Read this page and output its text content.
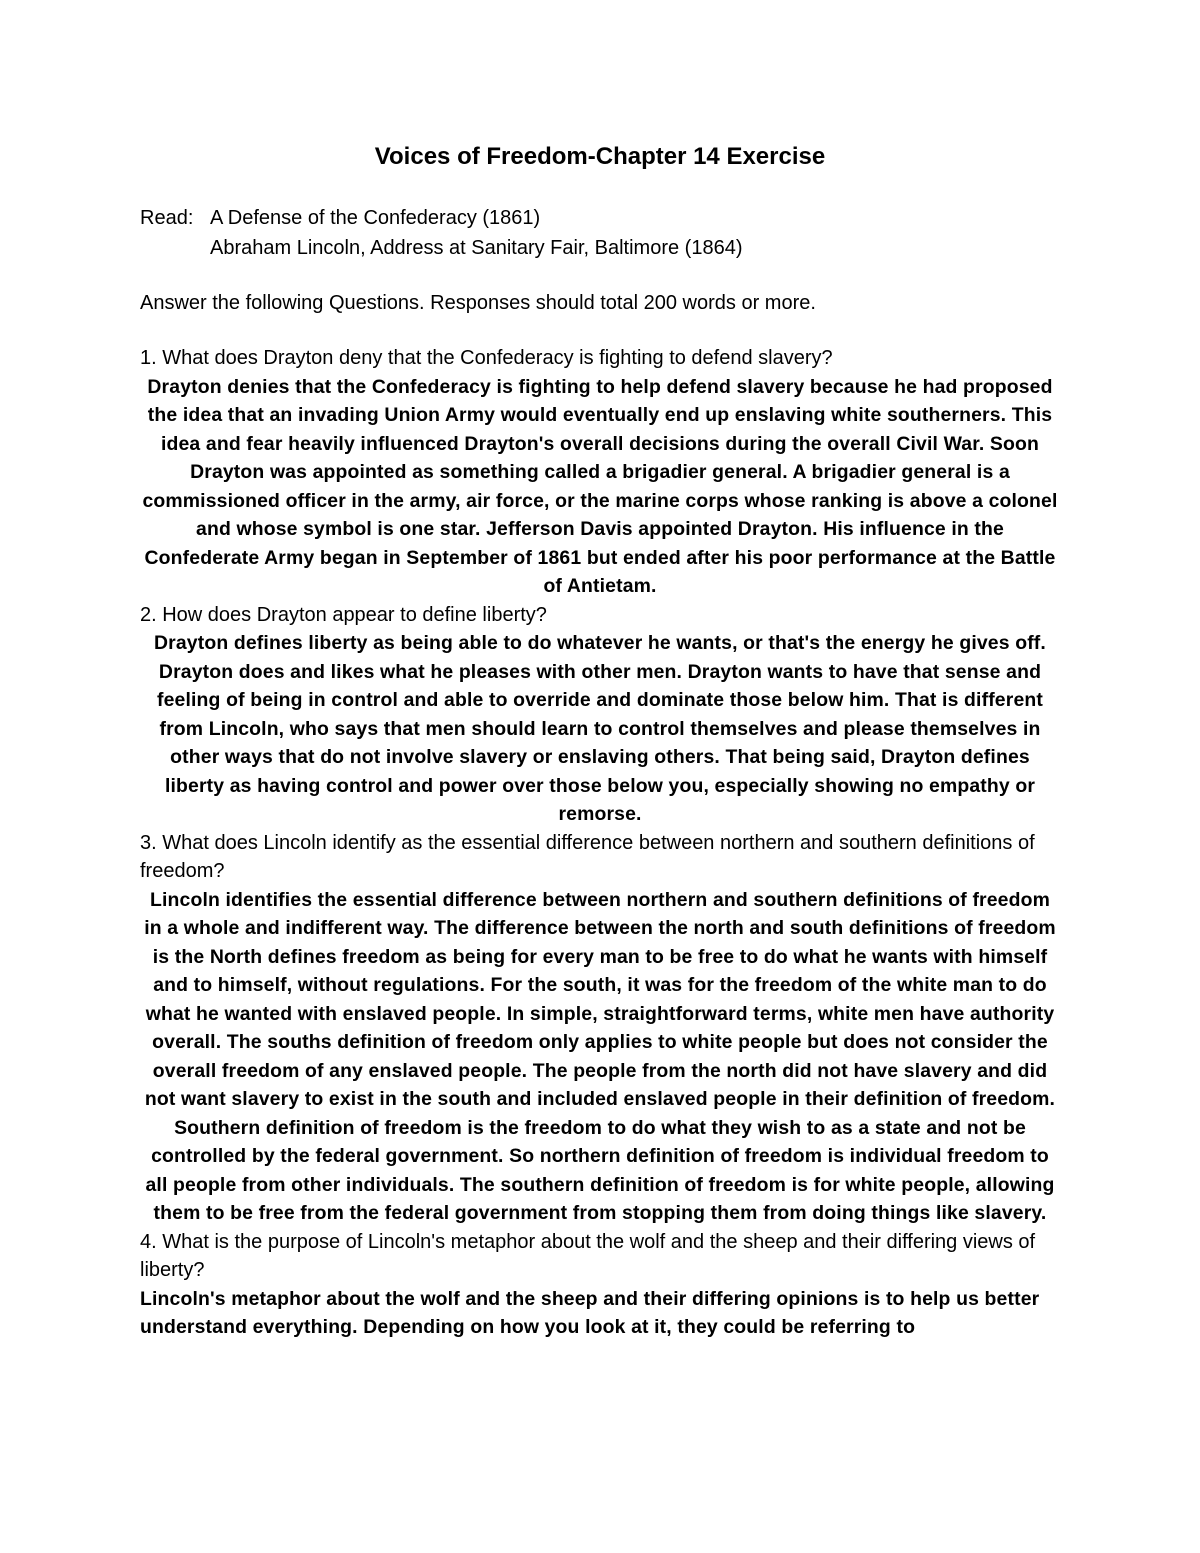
Voices of Freedom-Chapter 14 Exercise
Read: A Defense of the Confederacy (1861)
Abraham Lincoln, Address at Sanitary Fair, Baltimore (1864)
Answer the following Questions. Responses should total 200 words or more.

1. What does Drayton deny that the Confederacy is fighting to defend slavery?

Drayton denies that the Confederacy is fighting to help defend slavery because he had proposed the idea that an invading Union Army would eventually end up enslaving white southerners. This idea and fear heavily influenced Drayton's overall decisions during the overall Civil War. Soon Drayton was appointed as something called a brigadier general. A brigadier general is a commissioned officer in the army, air force, or the marine corps whose ranking is above a colonel and whose symbol is one star. Jefferson Davis appointed Drayton. His influence in the Confederate Army began in September of 1861 but ended after his poor performance at the Battle of Antietam.

2. How does Drayton appear to define liberty?

Drayton defines liberty as being able to do whatever he wants, or that's the energy he gives off. Drayton does and likes what he pleases with other men. Drayton wants to have that sense and feeling of being in control and able to override and dominate those below him. That is different from Lincoln, who says that men should learn to control themselves and please themselves in other ways that do not involve slavery or enslaving others. That being said, Drayton defines liberty as having control and power over those below you, especially showing no empathy or remorse.

3. What does Lincoln identify as the essential difference between northern and southern definitions of freedom?

Lincoln identifies the essential difference between northern and southern definitions of freedom in a whole and indifferent way. The difference between the north and south definitions of freedom is the North defines freedom as being for every man to be free to do what he wants with himself and to himself, without regulations. For the south, it was for the freedom of the white man to do what he wanted with enslaved people. In simple, straightforward terms, white men have authority overall. The souths definition of freedom only applies to white people but does not consider the overall freedom of any enslaved people. The people from the north did not have slavery and did not want slavery to exist in the south and included enslaved people in their definition of freedom. Southern definition of freedom is the freedom to do what they wish to as a state and not be controlled by the federal government. So northern definition of freedom is individual freedom to all people from other individuals. The southern definition of freedom is for white people, allowing them to be free from the federal government from stopping them from doing things like slavery.

4. What is the purpose of Lincoln's metaphor about the wolf and the sheep and their differing views of liberty?

Lincoln's metaphor about the wolf and the sheep and their differing opinions is to help us better understand everything. Depending on how you look at it, they could be referring to
